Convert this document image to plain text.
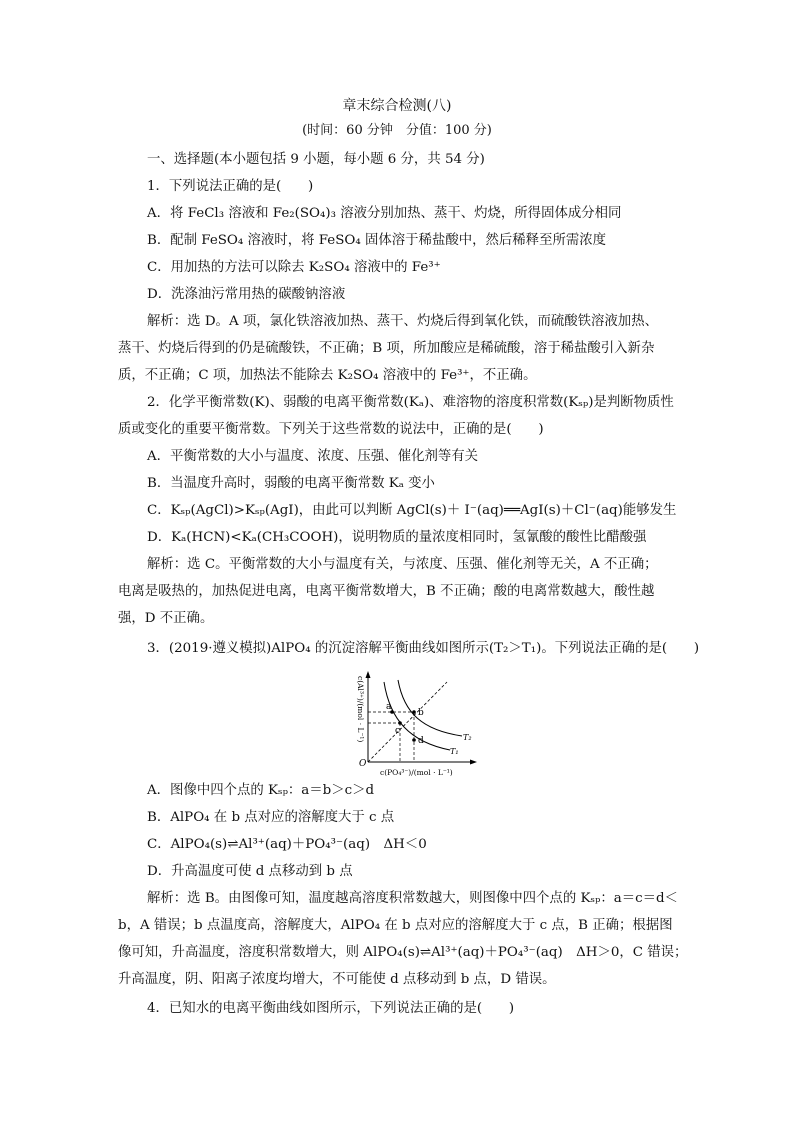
章末综合检测(八)
(时间：60 分钟　分值：100 分)
一、选择题(本小题包括 9 小题，每小题 6 分，共 54 分)
1．下列说法正确的是(　　)
A．将 FeCl₃ 溶液和 Fe₂(SO₄)₃ 溶液分别加热、蒸干、灼烧，所得固体成分相同
B．配制 FeSO₄ 溶液时，将 FeSO₄ 固体溶于稀盐酸中，然后稀释至所需浓度
C．用加热的方法可以除去 K₂SO₄ 溶液中的 Fe³⁺
D．洗涤油污常用热的碳酸钠溶液
解析：选 D。A 项，氯化铁溶液加热、蒸干、灼烧后得到氧化铁，而硫酸铁溶液加热、
蒸干、灼烧后得到的仍是硫酸铁，不正确；B 项，所加酸应是稀硫酸，溶于稀盐酸引入新杂
质，不正确；C 项，加热法不能除去 K₂SO₄ 溶液中的 Fe³⁺，不正确。
2．化学平衡常数(K)、弱酸的电离平衡常数(Kₐ)、难溶物的溶度积常数(Kₛₚ)是判断物质性
质或变化的重要平衡常数。下列关于这些常数的说法中，正确的是(　　)
A．平衡常数的大小与温度、浓度、压强、催化剂等有关
B．当温度升高时，弱酸的电离平衡常数 Kₐ 变小
C．Kₛₚ(AgCl)>Kₛₚ(AgI)，由此可以判断 AgCl(s)＋ I⁻(aq)══AgI(s)＋Cl⁻(aq)能够发生
D．Kₐ(HCN)<Kₐ(CH₃COOH)，说明物质的量浓度相同时，氢氰酸的酸性比醋酸强
解析：选 C。平衡常数的大小与温度有关，与浓度、压强、催化剂等无关，A 不正确；
电离是吸热的，加热促进电离，电离平衡常数增大，B 不正确；酸的电离常数越大，酸性越
强，D 不正确。
3．(2019·遵义模拟)AlPO₄ 的沉淀溶解平衡曲线如图所示(T₂＞T₁)。下列说法正确的是(　　)
a
b
c
d	T₂
T₁
O
c(Al³⁺)/(mol · L⁻¹)
c(PO₄³⁻)/(mol · L⁻¹)
A．图像中四个点的 Kₛₚ：a＝b＞c＞d
B．AlPO₄ 在 b 点对应的溶解度大于 c 点
C．AlPO₄(s)⇌Al³⁺(aq)＋PO₄³⁻(aq)　ΔH＜0
D．升高温度可使 d 点移动到 b 点
解析：选 B。由图像可知，温度越高溶度积常数越大，则图像中四个点的 Kₛₚ：a＝c＝d＜
b，A 错误；b 点温度高，溶解度大，AlPO₄ 在 b 点对应的溶解度大于 c 点，B 正确；根据图
像可知，升高温度，溶度积常数增大，则 AlPO₄(s)⇌Al³⁺(aq)＋PO₄³⁻(aq)　ΔH＞0，C 错误；
升高温度，阴、阳离子浓度均增大，不可能使 d 点移动到 b 点，D 错误。
4．已知水的电离平衡曲线如图所示，下列说法正确的是(　　)
